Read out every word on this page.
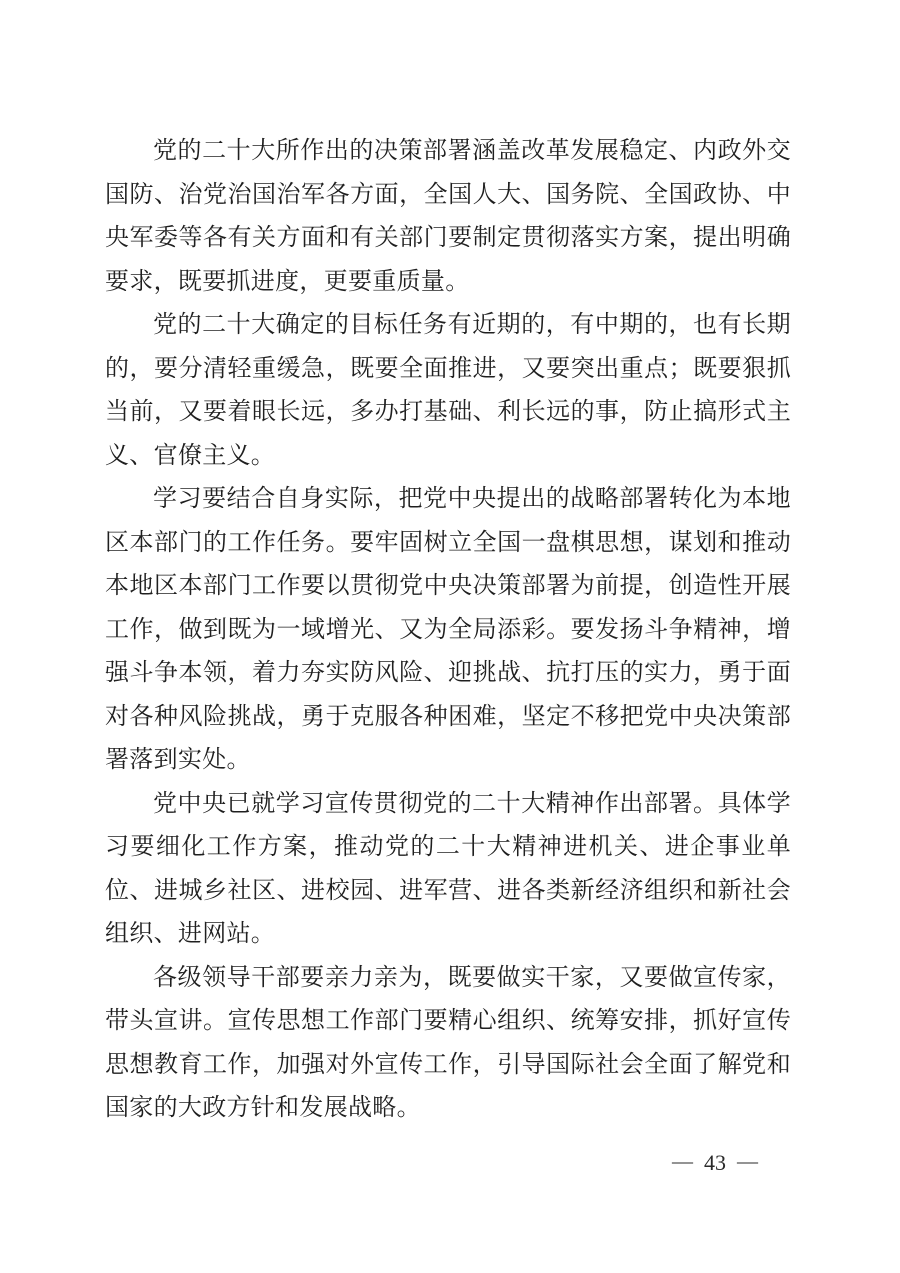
党的二十大所作出的决策部署涵盖改革发展稳定、内政外交国防、治党治国治军各方面，全国人大、国务院、全国政协、中央军委等各有关方面和有关部门要制定贯彻落实方案，提出明确要求，既要抓进度，更要重质量。

党的二十大确定的目标任务有近期的，有中期的，也有长期的，要分清轻重缓急，既要全面推进，又要突出重点；既要狠抓当前，又要着眼长远，多办打基础、利长远的事，防止搞形式主义、官僚主义。

学习要结合自身实际，把党中央提出的战略部署转化为本地区本部门的工作任务。要牢固树立全国一盘棋思想，谋划和推动本地区本部门工作要以贯彻党中央决策部署为前提，创造性开展工作，做到既为一域增光、又为全局添彩。要发扬斗争精神，增强斗争本领，着力夯实防风险、迎挑战、抗打压的实力，勇于面对各种风险挑战，勇于克服各种困难，坚定不移把党中央决策部署落到实处。

党中央已就学习宣传贯彻党的二十大精神作出部署。具体学习要细化工作方案，推动党的二十大精神进机关、进企事业单位、进城乡社区、进校园、进军营、进各类新经济组织和新社会组织、进网站。

各级领导干部要亲力亲为，既要做实干家，又要做宣传家，带头宣讲。宣传思想工作部门要精心组织、统筹安排，抓好宣传思想教育工作，加强对外宣传工作，引导国际社会全面了解党和国家的大政方针和发展战略。

— 43 —
